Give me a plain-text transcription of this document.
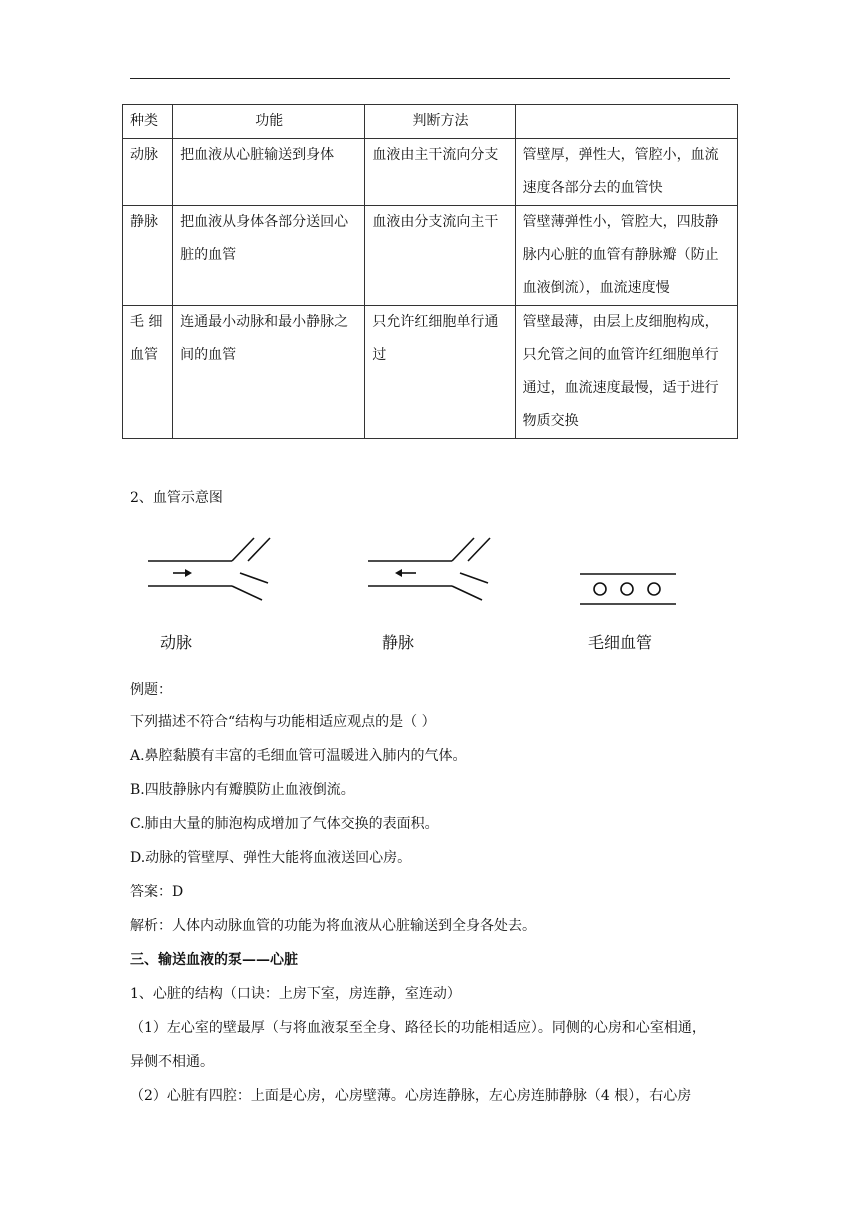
种类	功能	判断方法	
动脉	把血液从心脏输送到身体	血液由主干流向分支	管壁厚，弹性大，管腔小，血流速度各部分去的血管快
静脉	把血液从身体各部分送回心脏的血管	血液由分支流向主干	管壁薄弹性小，管腔大，四肢静脉内心脏的血管有静脉瓣（防止血液倒流），血流速度慢
毛 细血管	连通最小动脉和最小静脉之间的血管	只允许红细胞单行通过	管壁最薄，由层上皮细胞构成，只允管之间的血管许红细胞单行通过，血流速度最慢，适于进行物质交换
2、血管示意图
动脉	静脉	毛细血管
例题：
下列描述不符合“结构与功能相适应观点的是（ ）
A.鼻腔黏膜有丰富的毛细血管可温暖进入肺内的气体。
B.四肢静脉内有瓣膜防止血液倒流。
C.肺由大量的肺泡构成增加了气体交换的表面积。
D.动脉的管壁厚、弹性大能将血液送回心房。
答案：D
解析：人体内动脉血管的功能为将血液从心脏输送到全身各处去。
三、输送血液的泵——心脏
1、心脏的结构（口诀：上房下室，房连静，室连动）
（1）左心室的壁最厚（与将血液泵至全身、路径长的功能相适应）。同侧的心房和心室相通，
异侧不相通。
（2）心脏有四腔：上面是心房，心房壁薄。心房连静脉，左心房连肺静脉（4 根），右心房
